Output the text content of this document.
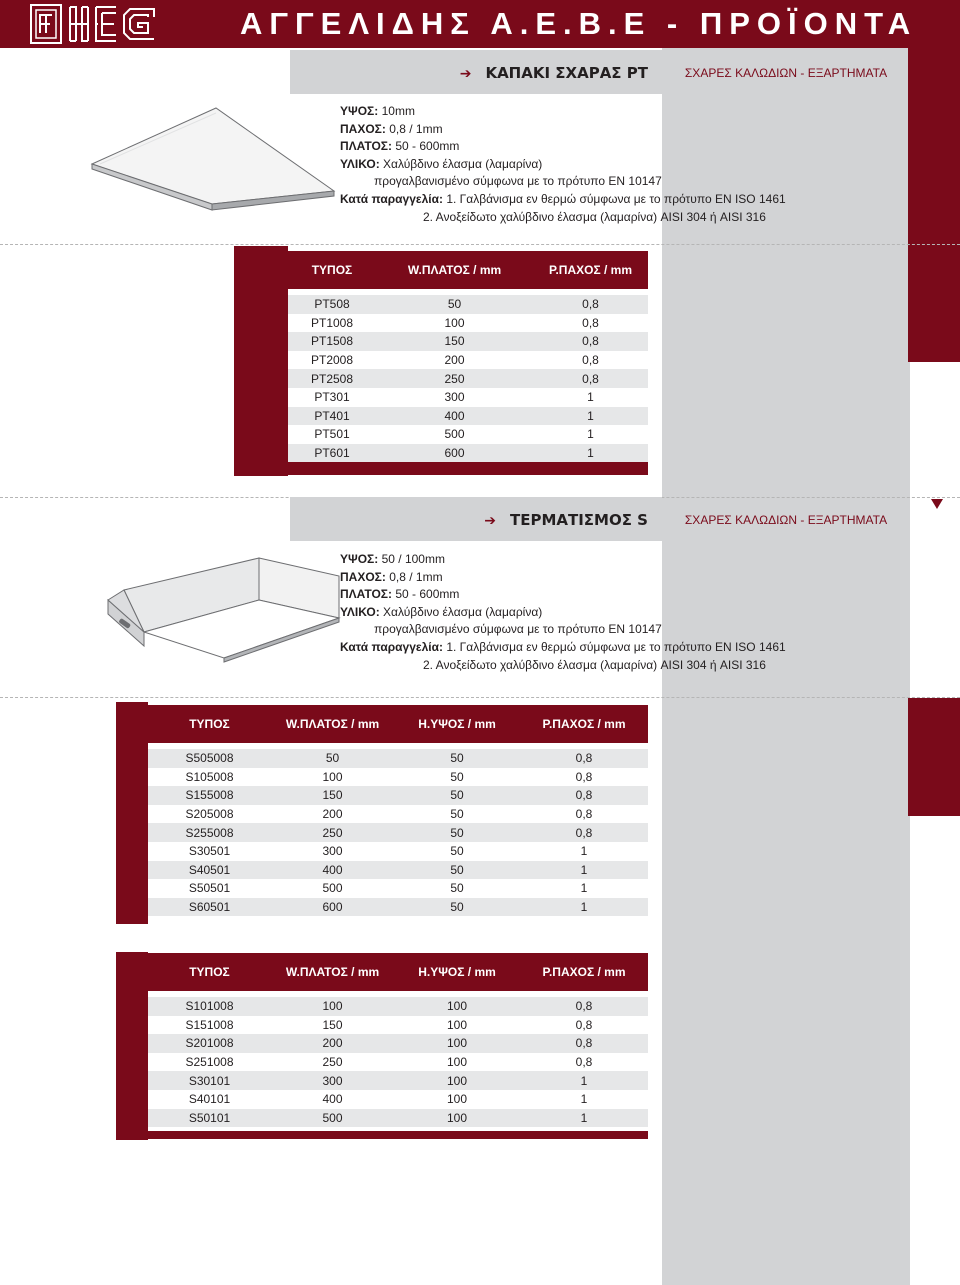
ΑΓΓΕΛΙΔΗΣ Α.Ε.Β.Ε - ΠΡΟΪΟΝΤΑ
➔ ΚΑΠΑΚΙ ΣΧΑΡΑΣ PT	ΣΧΑΡΕΣ ΚΑΛΩΔΙΩΝ - ΕΞΑΡΤΗΜΑΤΑ
ΥΨΟΣ: 10mm
ΠΑΧΟΣ: 0,8 / 1mm
ΠΛΑΤΟΣ: 50 - 600mm
ΥΛΙΚΟ: Χαλύβδινο έλασμα (λαμαρίνα)
προγαλβανισμένο σύμφωνα με το πρότυπο EN 10147
Κατά παραγγελία: 1. Γαλβάνισμα εν θερμώ σύμφωνα με το πρότυπο EN ISO 1461
2. Ανοξείδωτο χαλύβδινο έλασμα (λαμαρίνα) AISI 304 ή AISI 316
ΤΥΠΟΣ	W.ΠΛΑΤΟΣ / mm	P.ΠΑΧΟΣ / mm

PT508	50	0,8
PT1008	100	0,8
PT1508	150	0,8
PT2008	200	0,8
PT2508	250	0,8
PT301	300	1
PT401	400	1
PT501	500	1
PT601	600	1

➔ ΤΕΡΜΑΤΙΣΜΟΣ S	ΣΧΑΡΕΣ ΚΑΛΩΔΙΩΝ - ΕΞΑΡΤΗΜΑΤΑ
ΥΨΟΣ: 50 / 100mm
ΠΑΧΟΣ: 0,8 / 1mm
ΠΛΑΤΟΣ: 50 - 600mm
ΥΛΙΚΟ: Χαλύβδινο έλασμα (λαμαρίνα)
προγαλβανισμένο σύμφωνα με το πρότυπο EN 10147
Κατά παραγγελία: 1. Γαλβάνισμα εν θερμώ σύμφωνα με το πρότυπο EN ISO 1461
2. Ανοξείδωτο χαλύβδινο έλασμα (λαμαρίνα) AISI 304 ή AISI 316
ΤΥΠΟΣ	W.ΠΛΑΤΟΣ / mm	H.ΥΨΟΣ / mm	P.ΠΑΧΟΣ / mm

S505008	50	50	0,8
S105008	100	50	0,8
S155008	150	50	0,8
S205008	200	50	0,8
S255008	250	50	0,8
S30501	300	50	1
S40501	400	50	1
S50501	500	50	1
S60501	600	50	1
ΤΥΠΟΣ	W.ΠΛΑΤΟΣ / mm	H.ΥΨΟΣ / mm	P.ΠΑΧΟΣ / mm

S101008	100	100	0,8
S151008	150	100	0,8
S201008	200	100	0,8
S251008	250	100	0,8
S30101	300	100	1
S40101	400	100	1
S50101	500	100	1
